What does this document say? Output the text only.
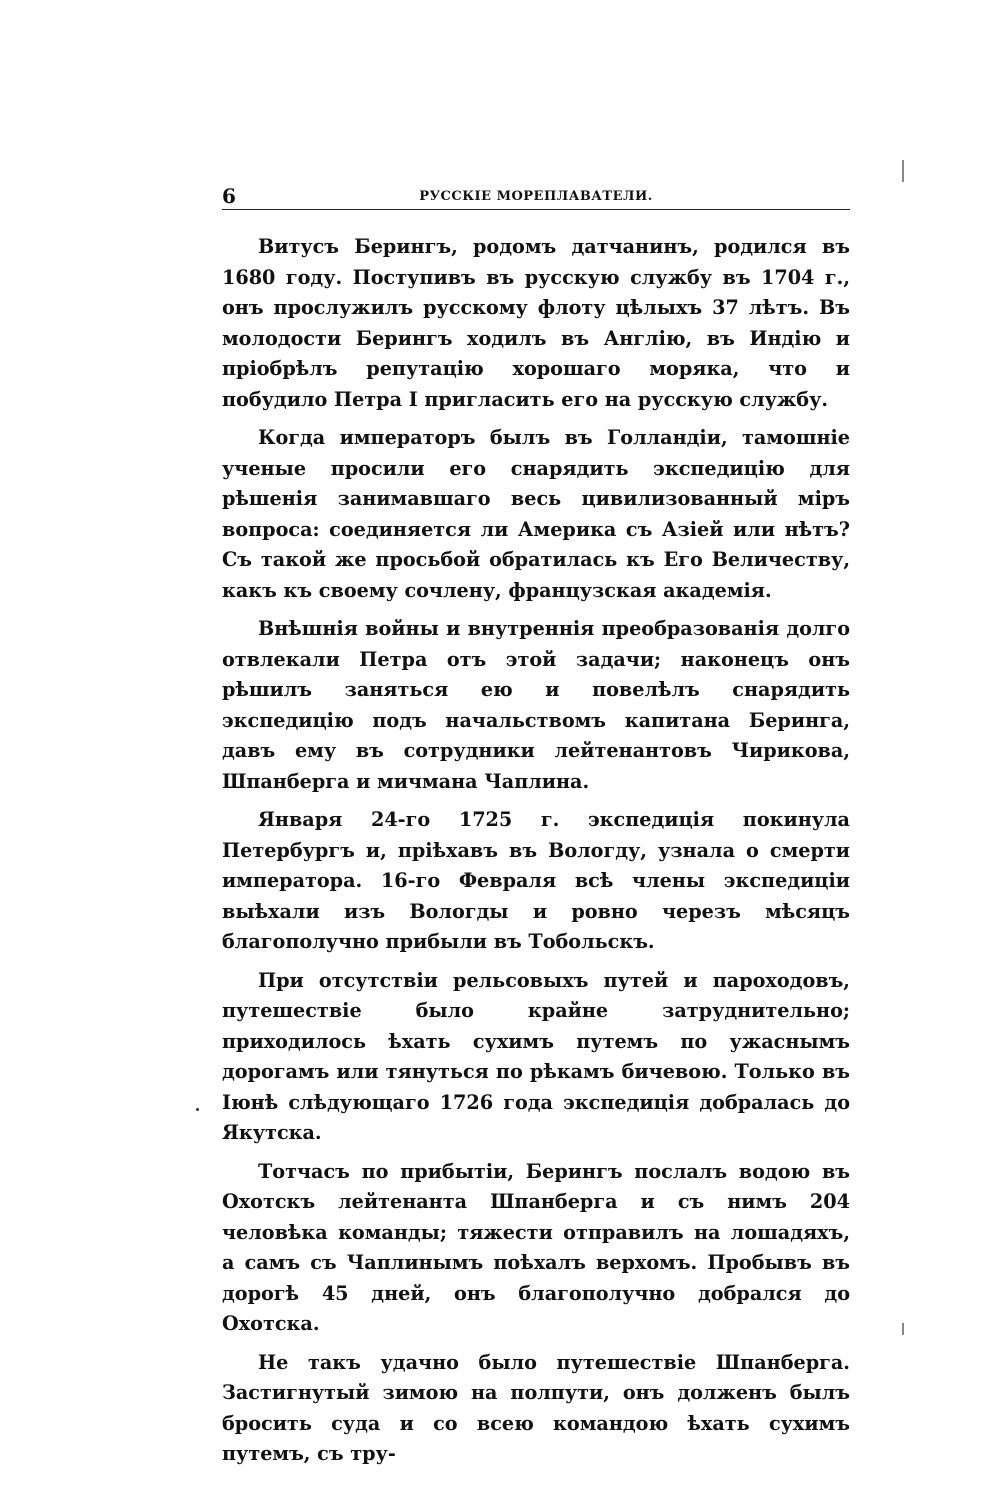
6	РУССКІЕ МОРЕПЛАВАТЕЛИ.

Витусъ Берингъ, родомъ датчанинъ, родился въ 1680 году. Поступивъ въ русскую службу въ 1704 г., онъ прослужилъ русскому флоту цѣлыхъ 37 лѣтъ. Въ молодости Берингъ ходилъ въ Англію, въ Индію и пріобрѣлъ репутацію хорошаго моряка, что и побудило Петра I пригласить его на русскую службу.

Когда императоръ былъ въ Голландіи, тамошніе ученые просили его снарядить экспедицію для рѣшенія занимавшаго весь цивилизованный міръ вопроса: соединяется ли Америка съ Азіей или нѣтъ? Съ такой же просьбой обратилась къ Его Величеству, какъ къ своему сочлену, французская академія.

Внѣшнія войны и внутреннія преобразованія долго отвлекали Петра отъ этой задачи; наконецъ онъ рѣшилъ заняться ею и повелѣлъ снарядить экспедицію подъ начальствомъ капитана Беринга, давъ ему въ сотрудники лейтенантовъ Чирикова, Шпанберга и мичмана Чаплина.

Января 24-го 1725 г. экспедиція покинула Петербургъ и, пріѣхавъ въ Вологду, узнала о смерти императора. 16-го Февраля всѣ члены экспедиціи выѣхали изъ Вологды и ровно черезъ мѣсяцъ благополучно прибыли въ Тобольскъ.

При отсутствіи рельсовыхъ путей и пароходовъ, путешествіе было крайне затруднительно; приходилось ѣхать сухимъ путемъ по ужаснымъ дорогамъ или тянуться по рѣкамъ бичевою. Только въ Іюнѣ слѣдующаго 1726 года экспедиція добралась до Якутска.

Тотчасъ по прибытіи, Берингъ послалъ водою въ Охотскъ лейтенанта Шпанберга и съ нимъ 204 человѣка команды; тяжести отправилъ на лошадяхъ, а самъ съ Чаплинымъ поѣхалъ верхомъ. Пробывъ въ дорогѣ 45 дней, онъ благополучно добрался до Охотска.

Не такъ удачно было путешествіе Шпанберга. Застигнутый зимою на полпути, онъ долженъ былъ бросить суда и со всею командою ѣхать сухимъ путемъ, съ тру-
